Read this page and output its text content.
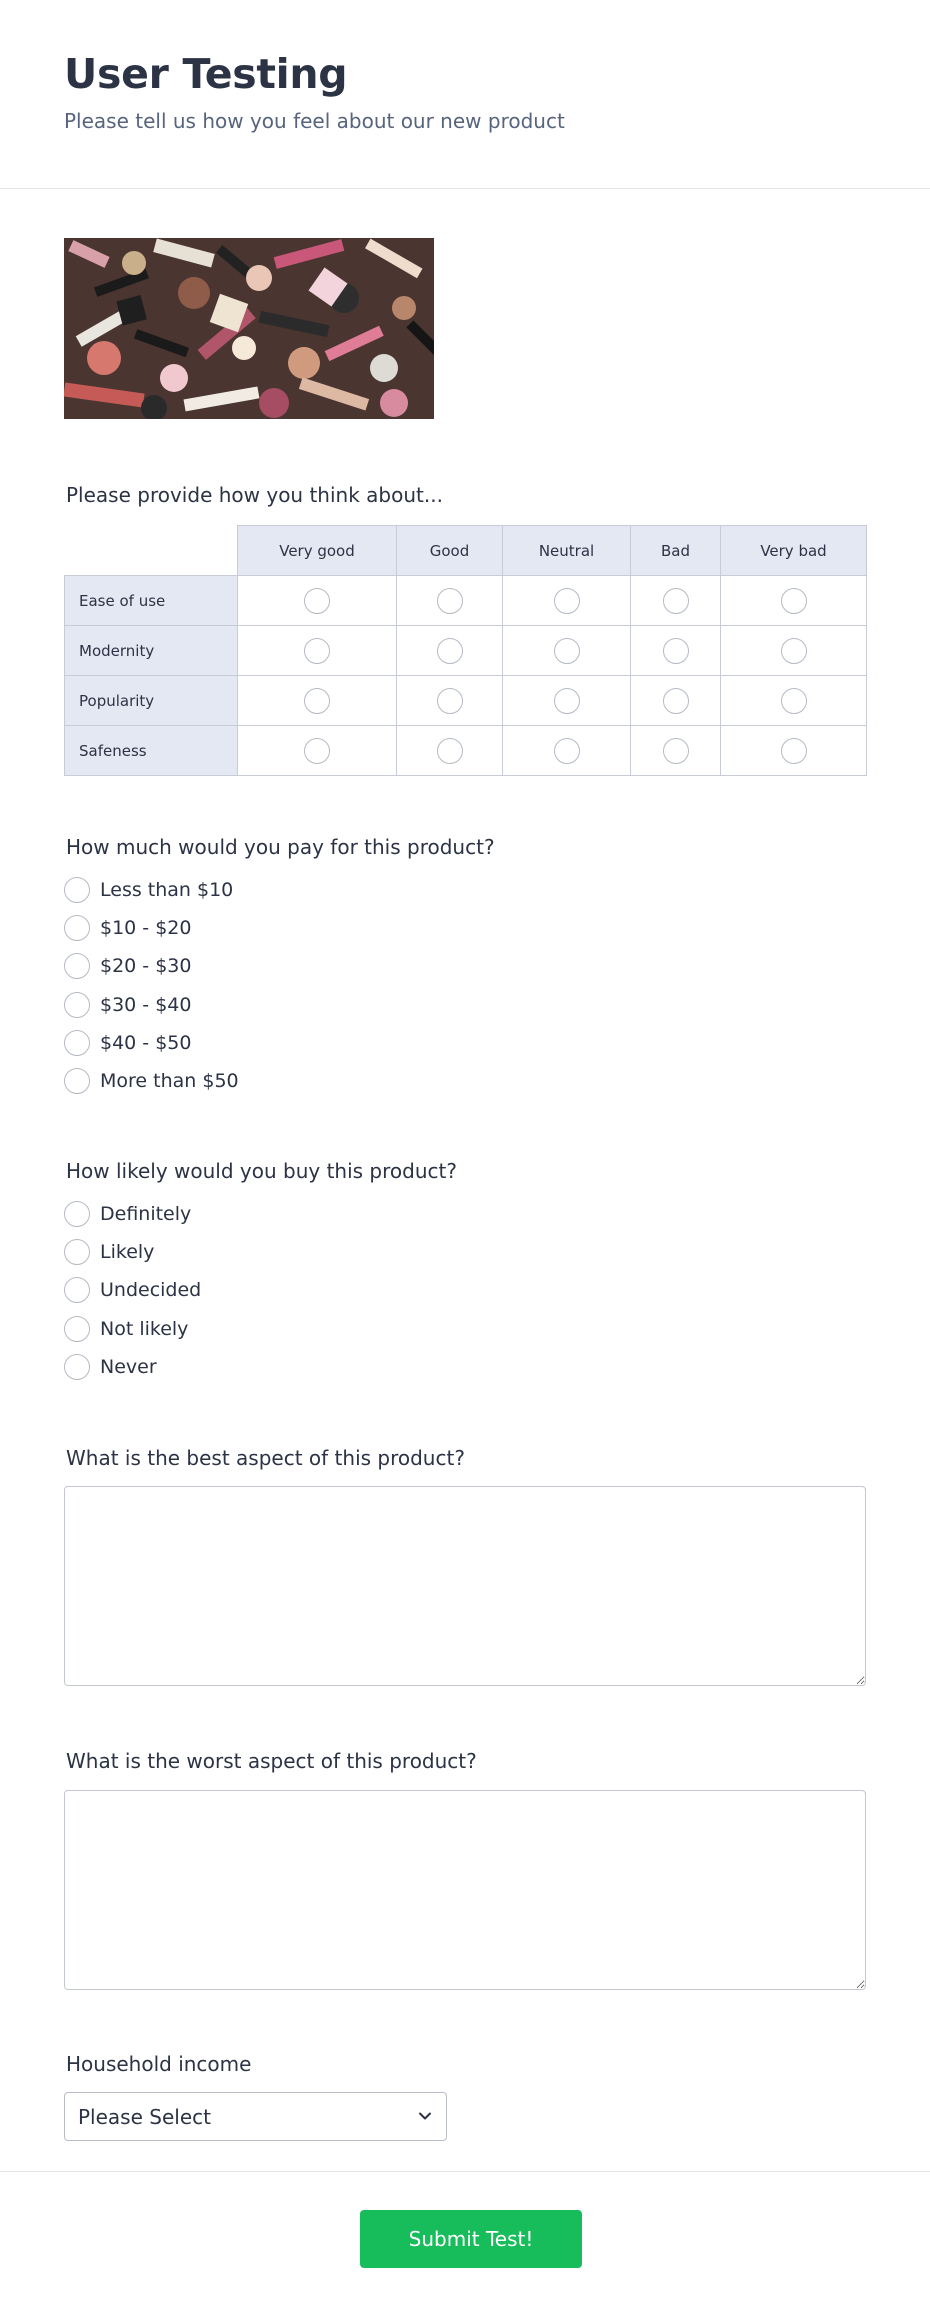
User Testing
Please tell us how you feel about our new product
Please provide how you think about...
	Very good	Good	Neutral	Bad	Very bad
Ease of use					
Modernity					
Popularity					
Safeness					
How much would you pay for this product?
Less than $10
$10 - $20
$20 - $30
$30 - $40
$40 - $50
More than $50
How likely would you buy this product?
Definitely
Likely
Undecided
Not likely
Never
What is the best aspect of this product?
What is the worst aspect of this product?
Household income
Please Select
Submit Test!
